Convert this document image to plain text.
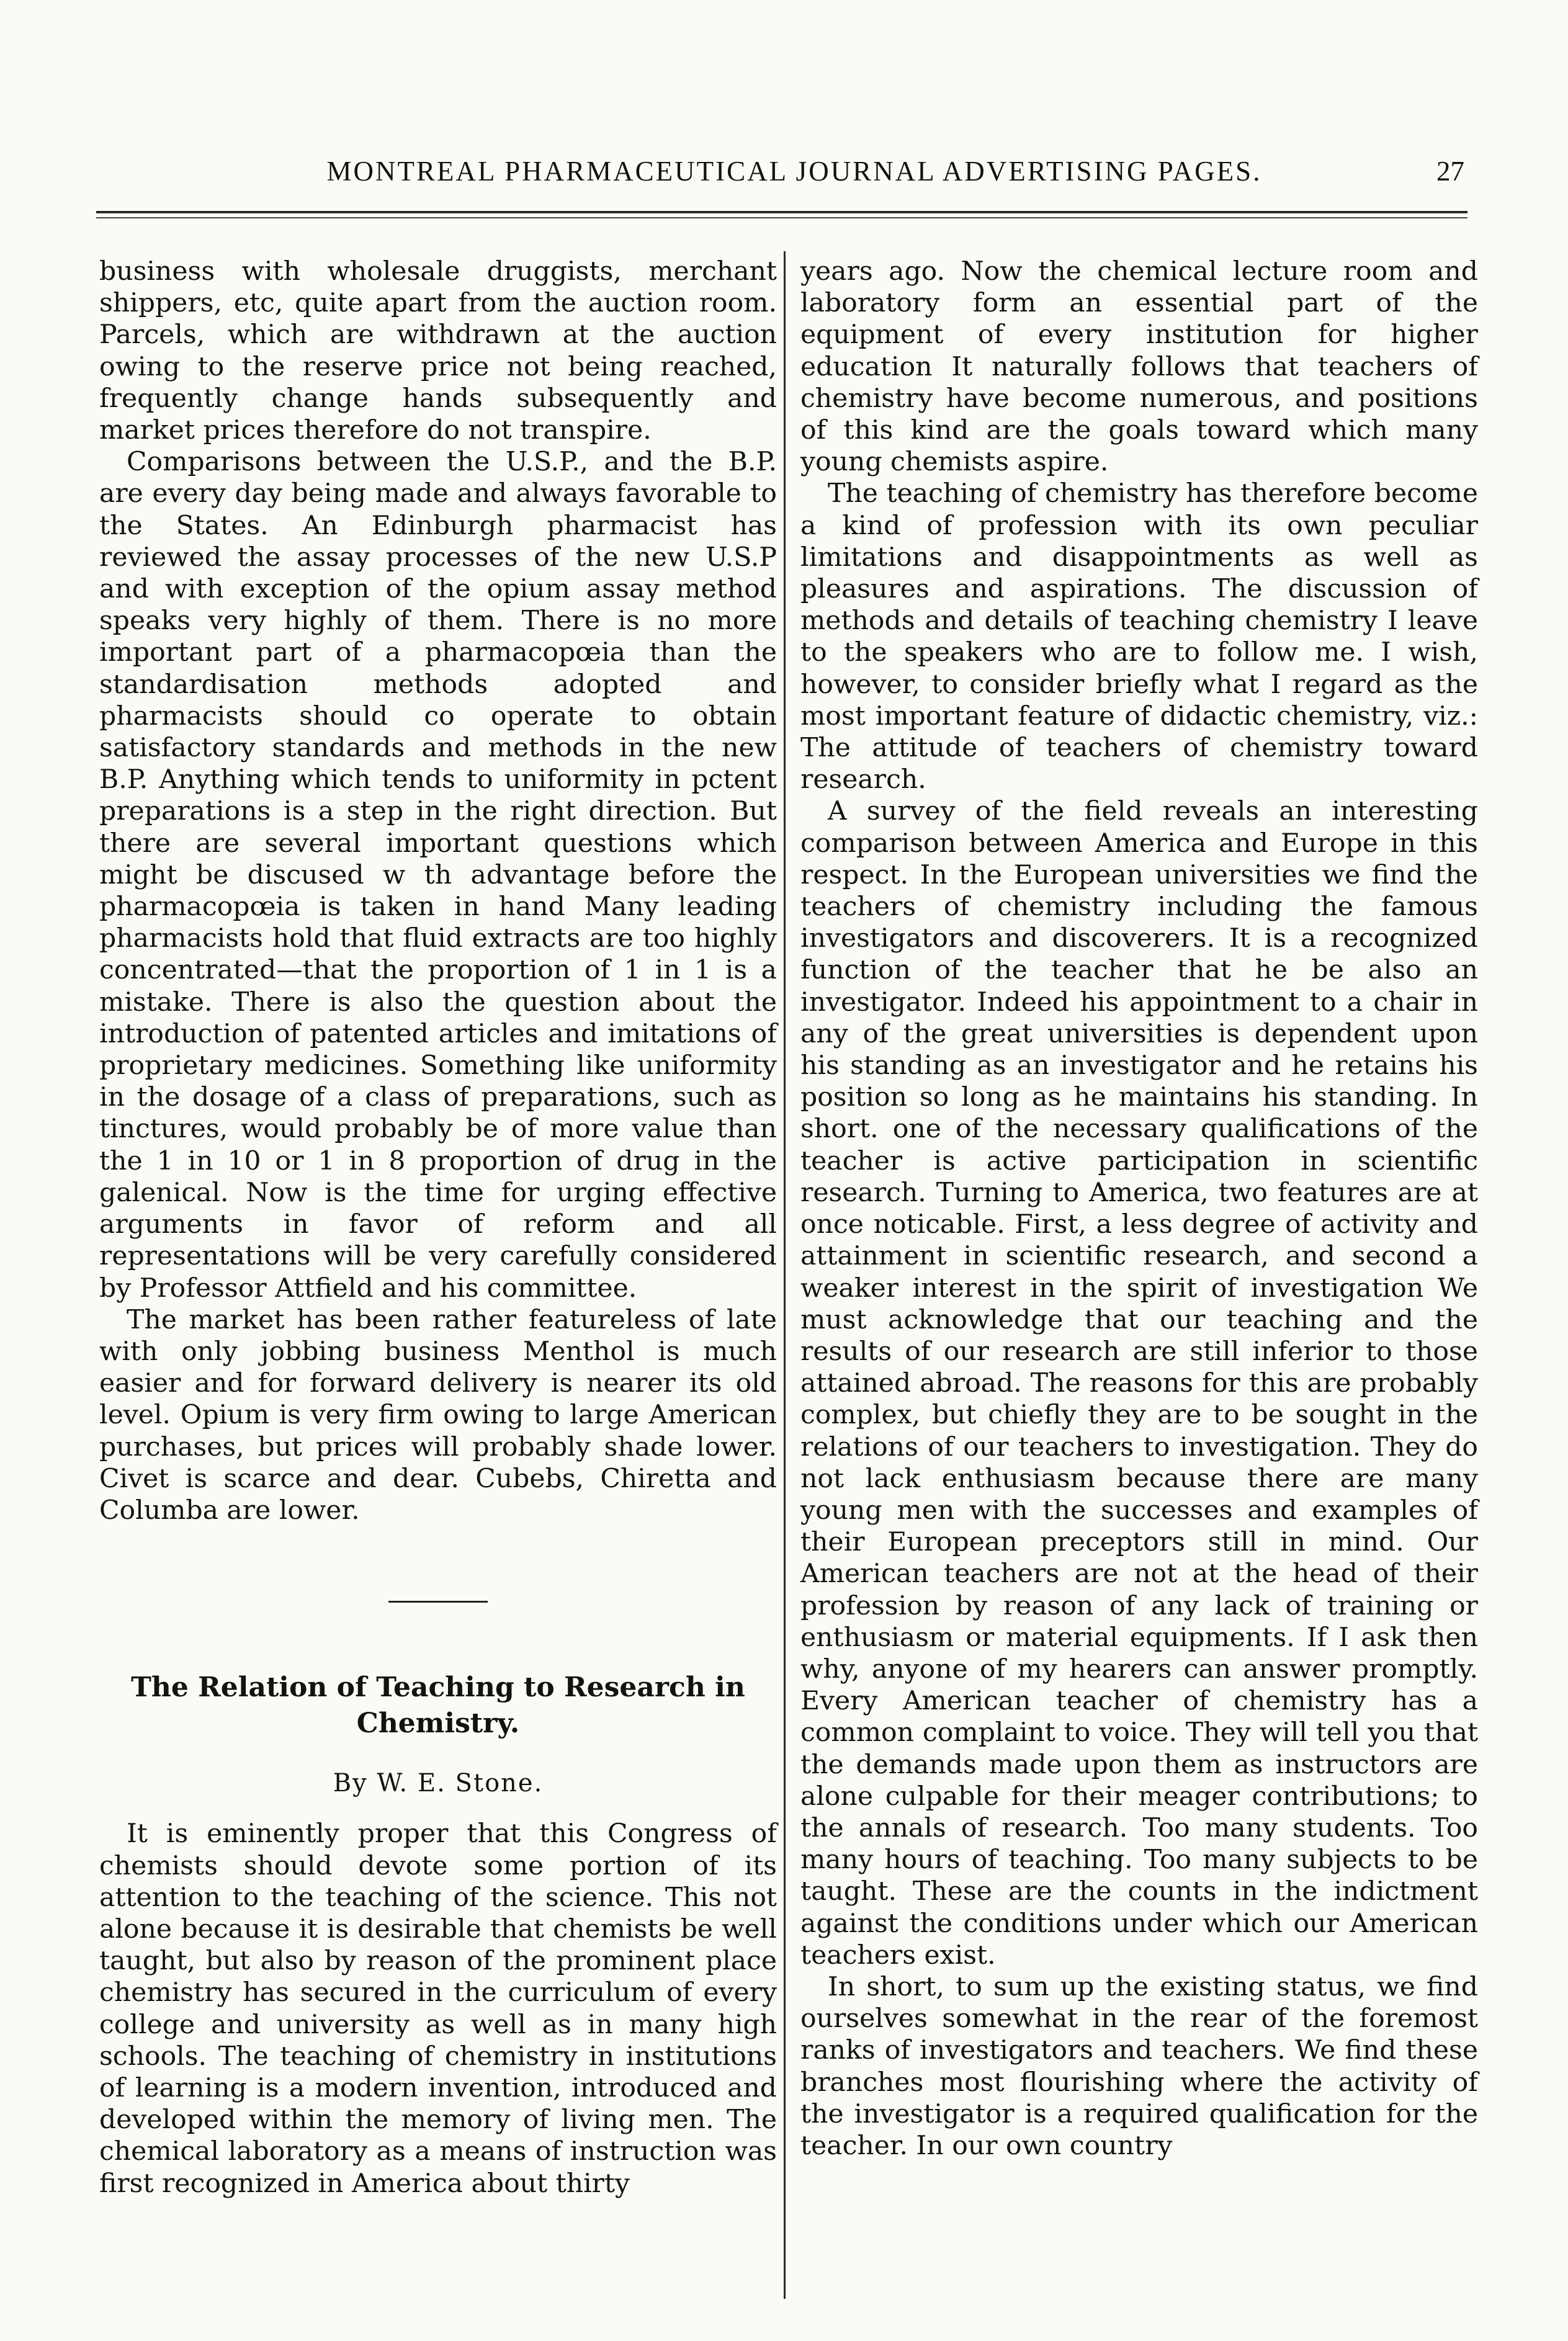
MONTREAL PHARMACEUTICAL JOURNAL ADVERTISING PAGES.	27

business with wholesale druggists, merchant shippers, etc, quite apart from the auction room. Parcels, which are withdrawn at the auction owing to the reserve price not being reached, frequently change hands subsequently and market prices therefore do not transpire.

Comparisons between the U.S.P., and the B.P. are every day being made and always favorable to the States. An Edinburgh pharmacist has reviewed the assay processes of the new U.S.P and with exception of the opium assay method speaks very highly of them. There is no more important part of a pharmacopœia than the standardisation methods adopted and pharmacists should co operate to obtain satisfactory standards and methods in the new B.P. Anything which tends to uniformity in pctent preparations is a step in the right direction. But there are several important questions which might be discused w th advantage before the pharmacopœia is taken in hand Many leading pharmacists hold that fluid extracts are too highly concentrated—that the proportion of 1 in 1 is a mistake. There is also the question about the introduction of patented articles and imitations of proprietary medicines. Something like uniformity in the dosage of a class of preparations, such as tinctures, would probably be of more value than the 1 in 10 or 1 in 8 proportion of drug in the galenical. Now is the time for urging effective arguments in favor of reform and all representations will be very carefully considered by Professor Attfield and his committee.

The market has been rather featureless of late with only jobbing business Menthol is much easier and for forward delivery is nearer its old level. Opium is very firm owing to large American purchases, but prices will probably shade lower. Civet is scarce and dear. Cubebs, Chiretta and Columba are lower.

The Relation of Teaching to Research in Chemistry.

By W. E. Stone.

It is eminently proper that this Congress of chemists should devote some portion of its attention to the teaching of the science. This not alone because it is desirable that chemists be well taught, but also by reason of the prominent place chemistry has secured in the curriculum of every college and university as well as in many high schools. The teaching of chemistry in institutions of learning is a modern invention, introduced and developed within the memory of living men. The chemical laboratory as a means of instruction was first recognized in America about thirty

years ago. Now the chemical lecture room and laboratory form an essential part of the equipment of every institution for higher education It naturally follows that teachers of chemistry have become numerous, and positions of this kind are the goals toward which many young chemists aspire.

The teaching of chemistry has therefore become a kind of profession with its own peculiar limitations and disappointments as well as pleasures and aspirations. The discussion of methods and details of teaching chemistry I leave to the speakers who are to follow me. I wish, however, to consider briefly what I regard as the most important feature of didactic chemistry, viz.: The attitude of teachers of chemistry toward research.

A survey of the field reveals an interesting comparison between America and Europe in this respect. In the European universities we find the teachers of chemistry including the famous investigators and discoverers. It is a recognized function of the teacher that he be also an investigator. Indeed his appointment to a chair in any of the great universities is dependent upon his standing as an investigator and he retains his position so long as he maintains his standing. In short. one of the necessary qualifications of the teacher is active participation in scientific research. Turning to America, two features are at once noticable. First, a less degree of activity and attainment in scientific research, and second a weaker interest in the spirit of investigation We must acknowledge that our teaching and the results of our research are still inferior to those attained abroad. The reasons for this are probably complex, but chiefly they are to be sought in the relations of our teachers to investigation. They do not lack enthusiasm because there are many young men with the successes and examples of their European preceptors still in mind. Our American teachers are not at the head of their profession by reason of any lack of training or enthusiasm or material equipments. If I ask then why, anyone of my hearers can answer promptly. Every American teacher of chemistry has a common complaint to voice. They will tell you that the demands made upon them as instructors are alone culpable for their meager contributions; to the annals of research. Too many students. Too many hours of teaching. Too many subjects to be taught. These are the counts in the indictment against the conditions under which our American teachers exist.

In short, to sum up the existing status, we find ourselves somewhat in the rear of the foremost ranks of investigators and teachers. We find these branches most flourishing where the activity of the investigator is a required qualification for the teacher. In our own country
